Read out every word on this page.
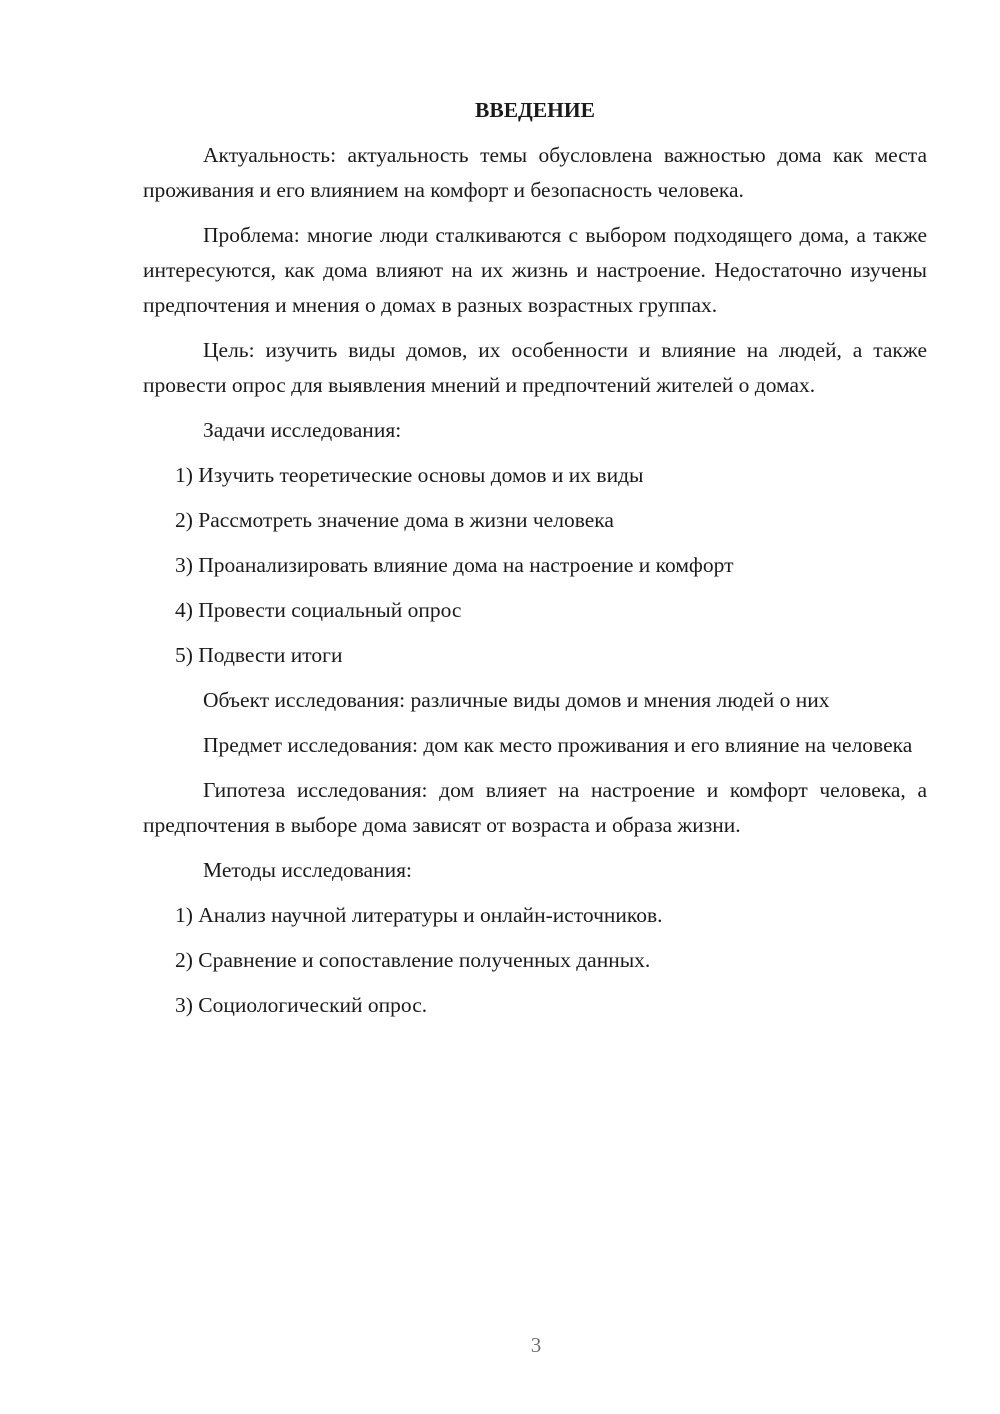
ВВЕДЕНИЕ

Актуальность: актуальность темы обусловлена важностью дома как места проживания и его влиянием на комфорт и безопасность человека.

Проблема: многие люди сталкиваются с выбором подходящего дома, а также интересуются, как дома влияют на их жизнь и настроение. Недостаточно изучены предпочтения и мнения о домах в разных возрастных группах.

Цель: изучить виды домов, их особенности и влияние на людей, а также провести опрос для выявления мнений и предпочтений жителей о домах.

Задачи исследования:

1) Изучить теоретические основы домов и их виды
2) Рассмотреть значение дома в жизни человека
3) Проанализировать влияние дома на настроение и комфорт
4) Провести социальный опрос
5) Подвести итоги

Объект исследования: различные виды домов и мнения людей о них

Предмет исследования: дом как место проживания и его влияние на человека

Гипотеза исследования: дом влияет на настроение и комфорт человека, а предпочтения в выборе дома зависят от возраста и образа жизни.

Методы исследования:

1) Анализ научной литературы и онлайн-источников.
2) Сравнение и сопоставление полученных данных.
3) Социологический опрос.
3
